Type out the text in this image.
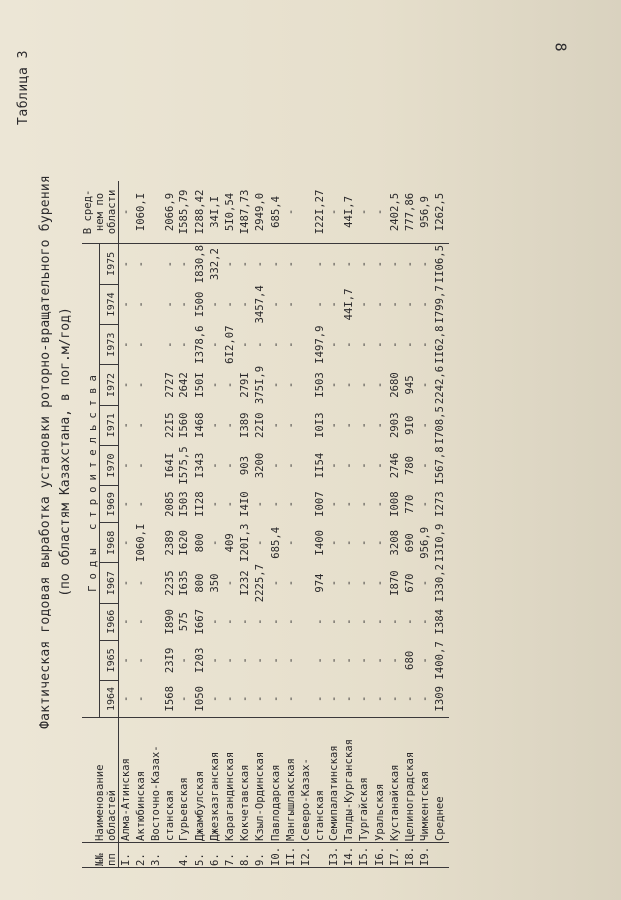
8
Таблица 3
Фактическая годовая выработка установки роторно-вращательного бурения (по областям Казахстана, в пог.м/год)
№№ пп	Наименование областей	Годы строительства												В сред- нем по области

		1964	I965	I966	I967	I968	I969	I970	I971	I972	I973	I974	I975	
I.	Алма-Атинская	-	-	-	-	-	-	-	-	-	-	-	-	-
2.	Актюбинская	-	-	-	-	I060,I	-	-	-	-	-	-	-	I060,I
3.	Восточно-Казах- станская	I568	23I9	I890	2235	2389	2085	I64I	22I5	2727	-	-	-	2066,9
4.	Гурьевская	-	-	575	I635	I620	I503	I575,5	I560	2642	-	-	-	I585,79
5.	Джамбулская	I050	I203	I667	800	800	II28	I343	I468	I50I	I378,6	I500	I830,8	I288,42
6.	Джезказганская	-	-	-	350	-	-	-	-	-	-	-	332,2	34I,I
7.	Карагандинская	-	-	-	-	409	-	-	-	-	6I2,07	-	-	5I0,54
8.	Кокчетавская	-	-	-	I232	I20I,3	I4I0	903	I389	279I	-	-	-	I487,73
9.	Кзыл-Ординская	-	-	-	2225,7	-	-	3200	22I0	375I,9	-	3457,4	-	2949,0
I0.	Павлодарская	-	-	-	-	685,4	-	-	-	-	-	-	-	685,4
II.	Мангышлакская	-	-	-	-	-	-	-	-	-	-	-	-	-
I2.	Северо-Казах- станская	-	-	-	974	I400	I007	II54	I0I3	I503	I497,9	-	-	I22I,27
I3.	Семипалатинская	-	-	-	-	-	-	-	-	-	-	-	-	-
I4.	Талды-Курганская	-	-	-	-	-	-	-	-	-	-	44I,7	-	44I,7
I5.	Тургайская	-	-	-	-	-	-	-	-	-	-	-	-	-
I6.	Уральская	-	-	-	-	-	-	-	-	-	-	-	-	-
I7.	Кустанайская	-	-	-	I870	3208	I008	2746	2903	2680	-	-	-	2402,5
I8.	Целиноградская	-	680	-	670	690	770	780	9I0	945	-	-	-	777,86
I9.	Чимкентская	-	-	-	-	956,9	-	-	-	-	-	-	-	956,9

	Среднее	I309	I400,7	I384	I330,2	I3I0,9	I273	I567,8	I708,5	2242,6	II62,8	I799,7	II06,5	I262,5
